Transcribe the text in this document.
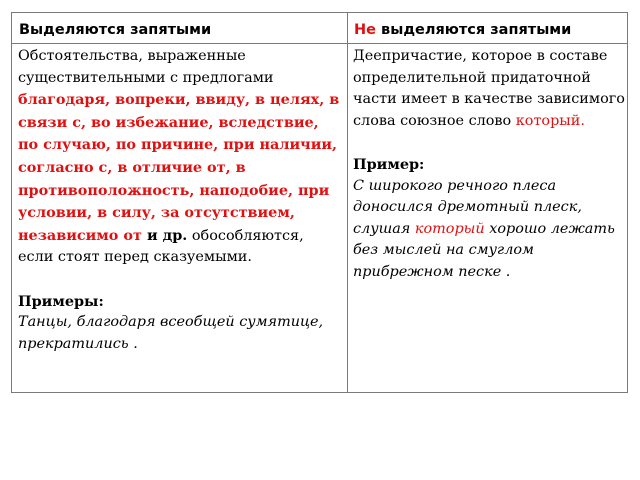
Обстоятельства, выраженные существительными с предлогами благодаря, вопреки, ввиду, в целях, в связи с, во избежание, вследствие, по случаю, по причине, при наличии, согласно с, в отличие от, в противоположность, наподобие, при условии, в силу, за отсутствием, независимо от и др. обособляются, если стоят перед сказуемыми.

Примеры:

Танцы, благодаря всеобщей сумятице, прекратились .

Деепричастие, которое в составе определительной придаточной части имеет в качестве зависимого слова союзное слово который.

Пример:

С широкого речного плеса доносился дремотный плеск, слушая который хорошо лежать без мыслей на смуглом прибрежном песке .

Выделяются запятыми	Не выделяются запятыми
